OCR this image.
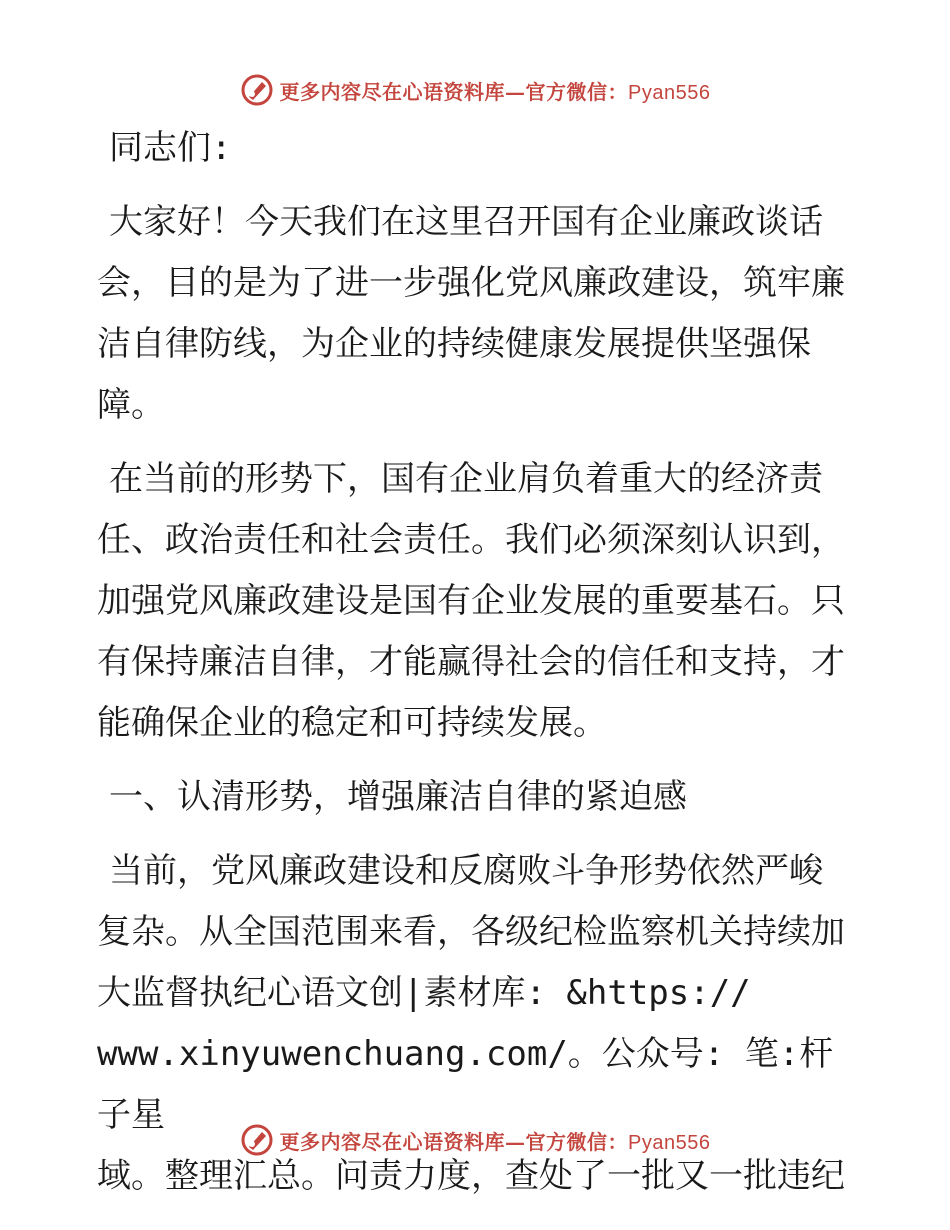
更多内容尽在心语资料库—官方微信：Pyan556

同志们:

大家好！今天我们在这里召开国有企业廉政谈话会，目的是为了进一步强化党风廉政建设，筑牢廉洁自律防线，为企业的持续健康发展提供坚强保障。

在当前的形势下，国有企业肩负着重大的经济责任、政治责任和社会责任。我们必须深刻认识到，加强党风廉政建设是国有企业发展的重要基石。只有保持廉洁自律，才能赢得社会的信任和支持，才能确保企业的稳定和可持续发展。

一、认清形势，增强廉洁自律的紧迫感

当前，党风廉政建设和反腐败斗争形势依然严峻
复杂。从全国范围来看，各级纪检监察机关持续加
大监督执纪心语文创|素材库: &https://
www.xinyuwenchuang.com/。公众号: 笔:杆子星
域。整理汇总。问责力度，查处了一批又一批违纪
更多内容尽在心语资料库—官方微信：Pyan556
